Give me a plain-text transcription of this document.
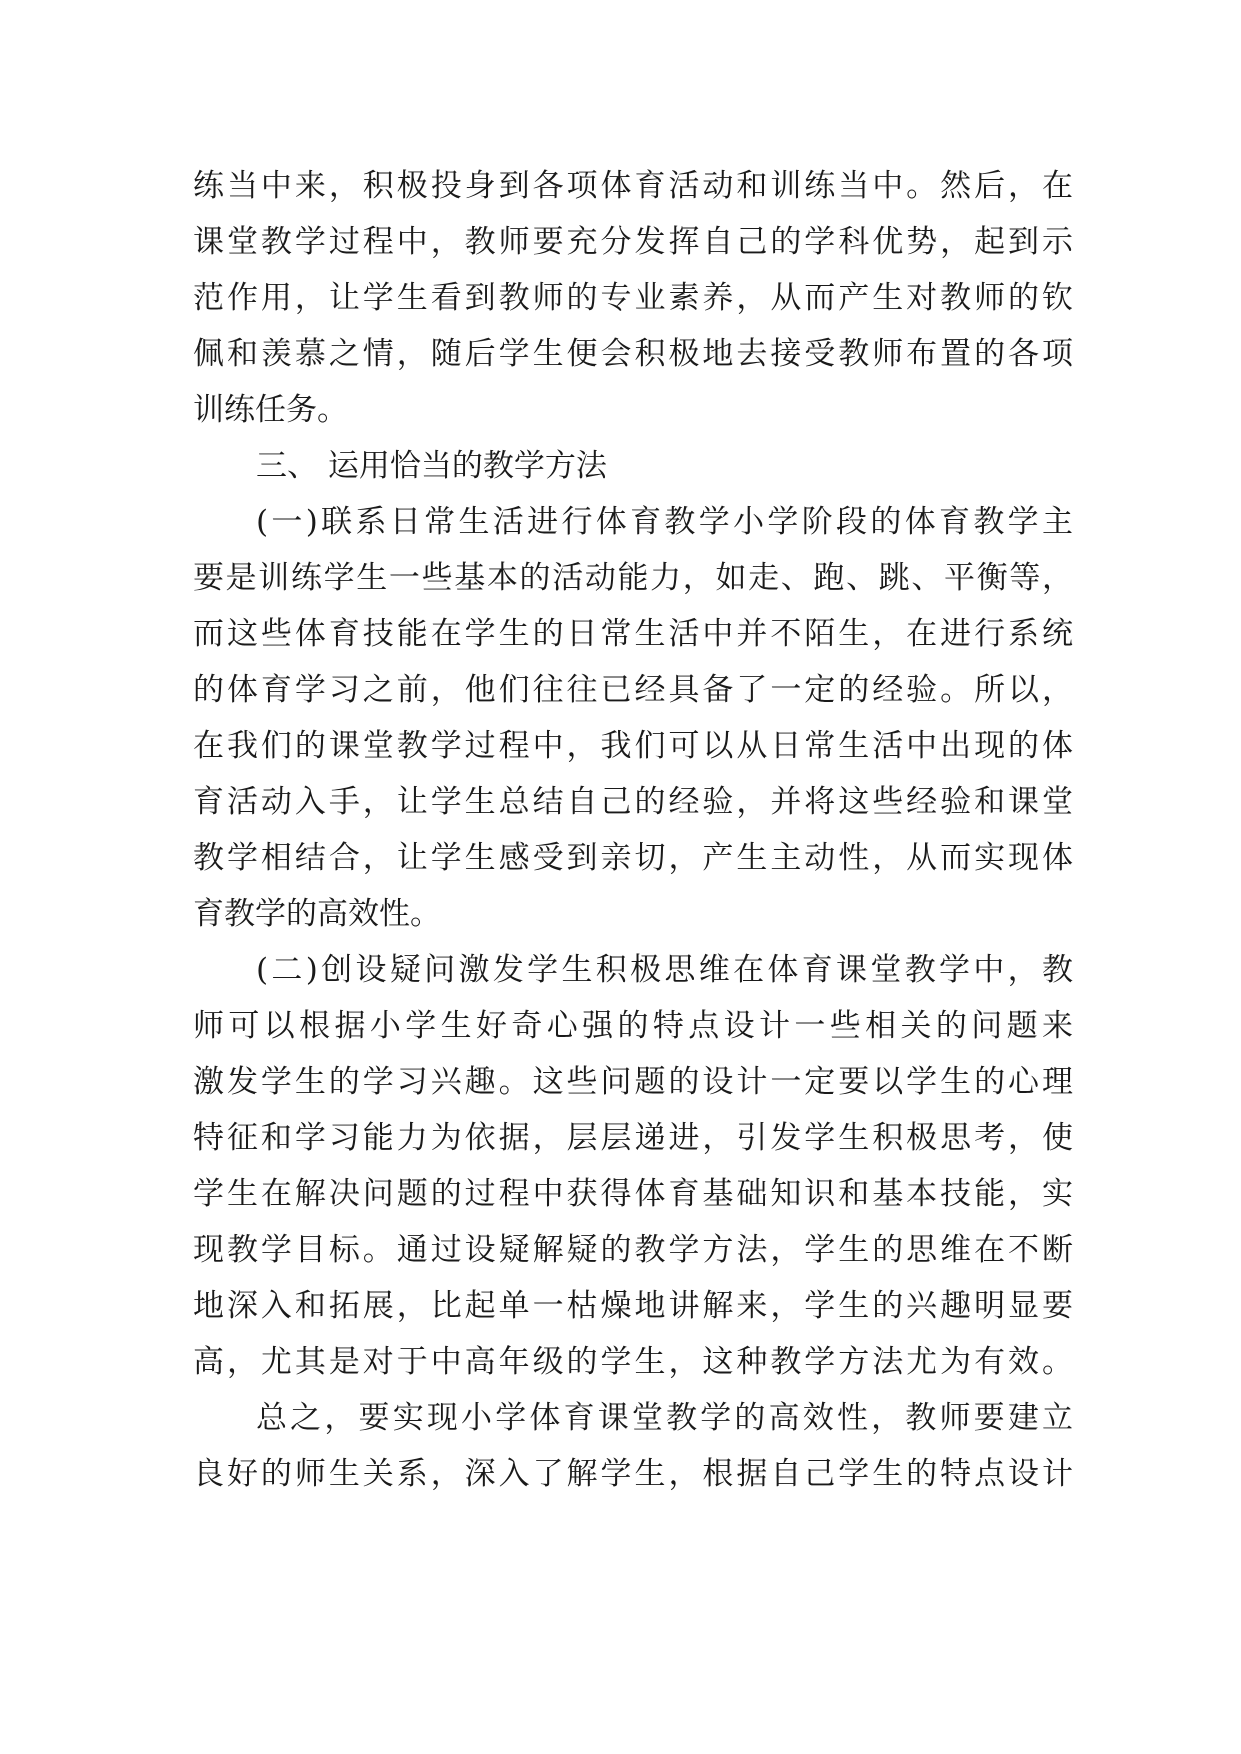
练当中来，积极投身到各项体育活动和训练当中。然后，在
课堂教学过程中，教师要充分发挥自己的学科优势，起到示
范作用，让学生看到教师的专业素养，从而产生对教师的钦
佩和羡慕之情，随后学生便会积极地去接受教师布置的各项
训练任务。
三、 运用恰当的教学方法
(一)联系日常生活进行体育教学小学阶段的体育教学主
要是训练学生一些基本的活动能力，如走、跑、跳、平衡等，
而这些体育技能在学生的日常生活中并不陌生，在进行系统
的体育学习之前，他们往往已经具备了一定的经验。所以，
在我们的课堂教学过程中，我们可以从日常生活中出现的体
育活动入手，让学生总结自己的经验，并将这些经验和课堂
教学相结合，让学生感受到亲切，产生主动性，从而实现体
育教学的高效性。
(二)创设疑问激发学生积极思维在体育课堂教学中，教
师可以根据小学生好奇心强的特点设计一些相关的问题来
激发学生的学习兴趣。这些问题的设计一定要以学生的心理
特征和学习能力为依据，层层递进，引发学生积极思考，使
学生在解决问题的过程中获得体育基础知识和基本技能，实
现教学目标。通过设疑解疑的教学方法，学生的思维在不断
地深入和拓展，比起单一枯燥地讲解来，学生的兴趣明显要
高，尤其是对于中高年级的学生，这种教学方法尤为有效。
总之，要实现小学体育课堂教学的高效性，教师要建立
良好的师生关系，深入了解学生，根据自己学生的特点设计
